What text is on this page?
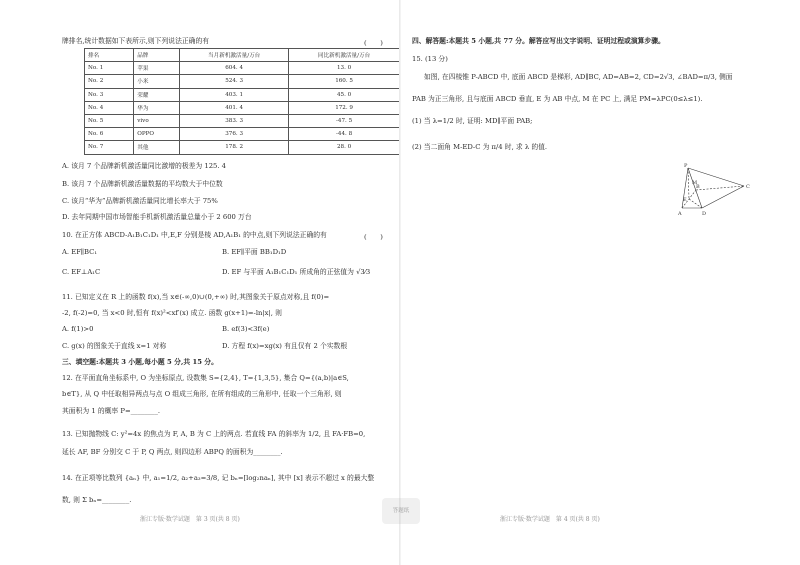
牌排名,统计数据如下表所示,则下列说法正确的有	(　　)
排名	品牌	当月新机激活量/万台	同比新机激活量/万台
No. 1	苹果	604. 4	13. 0
No. 2	小米	524. 3	160. 5
No. 3	荣耀	403. 1	45. 0
No. 4	华为	401. 4	172. 9
No. 5	vivo	383. 3	-47. 5
No. 6	OPPO	376. 3	-44. 8
No. 7	其他	178. 2	28. 0
A. 该月 7 个品牌新机激活量同比激增的极差为 125. 4
B. 该月 7 个品牌新机激活量数据的平均数大于中位数
C. 该月“华为”品牌新机激活量同比增长率大于 75%
D. 去年同期中国市场智能手机新机激活量总量小于 2 600 万台
10. 在正方体 ABCD-A₁B₁C₁D₁ 中,E,F 分别是棱 AD,A₁B₁ 的中点,则下列说法正确的有	(　　)
A. EF∥BC₁	B. EF∥平面 BB₁D₁D
C. EF⊥A₁C	D. EF 与平面 A₁B₁C₁D₁ 所成角的正弦值为 √3⁄3
11. 已知定义在 R 上的函数 f(x),当 x∈(-∞,0)∪(0,+∞) 时,其图象关于原点对称,且 f(0)=
-2, f(-2)=0, 当 x<0 时,恒有 f(x)²<xf′(x) 成立. 函数 g(x+1)=-ln|x|, 则
A. f(1)>0	B. ef(3)<3f(e)
C. g(x) 的图象关于直线 x=1 对称	D. 方程 f(x)=xg(x) 有且仅有 2 个实数根
三、填空题:本题共 3 小题,每小题 5 分,共 15 分。
12. 在平面直角坐标系中, O 为坐标原点, 设数集 S={2,4}, T={1,3,5}, 集合 Q={(a,b)|a∈S,
b∈T}, 从 Q 中任取相异两点与点 O 组成三角形, 在所有组成的三角形中, 任取一个三角形, 则
其面积为 1 的概率 P=________.
13. 已知抛物线 C: y²=4x 的焦点为 F, A, B 为 C 上的两点. 若直线 FA 的斜率为 1/2, 且 FA·FB=0,
延长 AF, BF 分别交 C 于 P, Q 两点, 则四边形 ABPQ 的面积为________.
14. 在正项等比数列 {aₙ} 中, a₁=1/2, a₂+a₃=3/8, 记 bₙ=[log₂naₙ], 其中 [x] 表示不超过 x 的最大整
数, 则 Σ bₙ=________.
浙江专版·数学试题　第 3 页(共 8 页)
答题纸
四、解答题:本题共 5 小题,共 77 分。解答应写出文字说明、证明过程或演算步骤。
15. (13 分)
如图, 在四棱锥 P-ABCD 中, 底面 ABCD 是梯形, AD∥BC, AD=AB=2, CD=2√3, ∠BAD=π/3, 侧面
PAB 为正三角形, 且与底面 ABCD 垂直, E 为 AB 中点, M 在 PC 上, 满足 PM=λPC(0≤λ≤1).
(1) 当 λ=1/2 时, 证明: MD∥平面 PAB;
(2) 当二面角 M-ED-C 为 π/4 时, 求 λ 的值.
浙江专版·数学试题　第 4 页(共 8 页)
P
M
E
D
A
C
B
